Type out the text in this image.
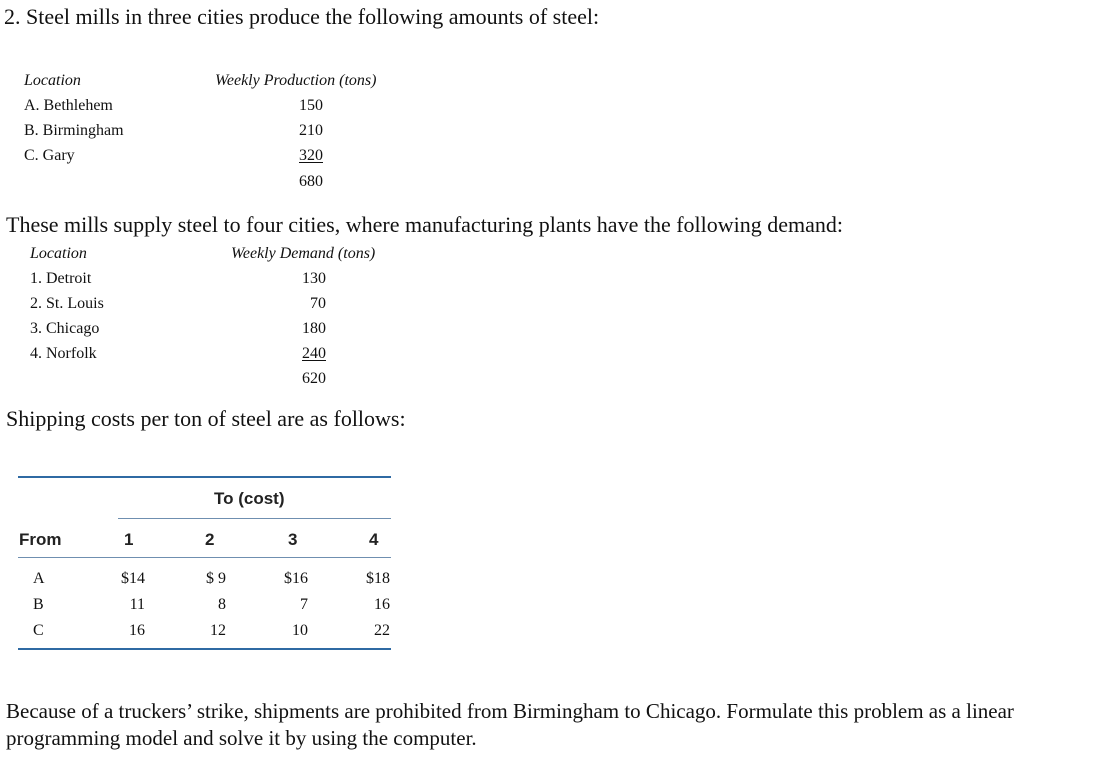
2. Steel mills in three cities produce the following amounts of steel:
Location	Weekly Production (tons)
A. Bethlehem	150
B. Birmingham	210
C. Gary	320
680
These mills supply steel to four cities, where manufacturing plants have the following demand:
Location	Weekly Demand (tons)
1. Detroit	130
2. St. Louis	70
3. Chicago	180
4. Norfolk	240
620
Shipping costs per ton of steel are as follows:
To (cost)
From	1	2	3	4
A	$14	$ 9	$16	$18
B	11	8	7	16
C	16	12	10	22
Because of a truckers’ strike, shipments are prohibited from Birmingham to Chicago. Formulate this problem as a linear programming model and solve it by using the computer.
